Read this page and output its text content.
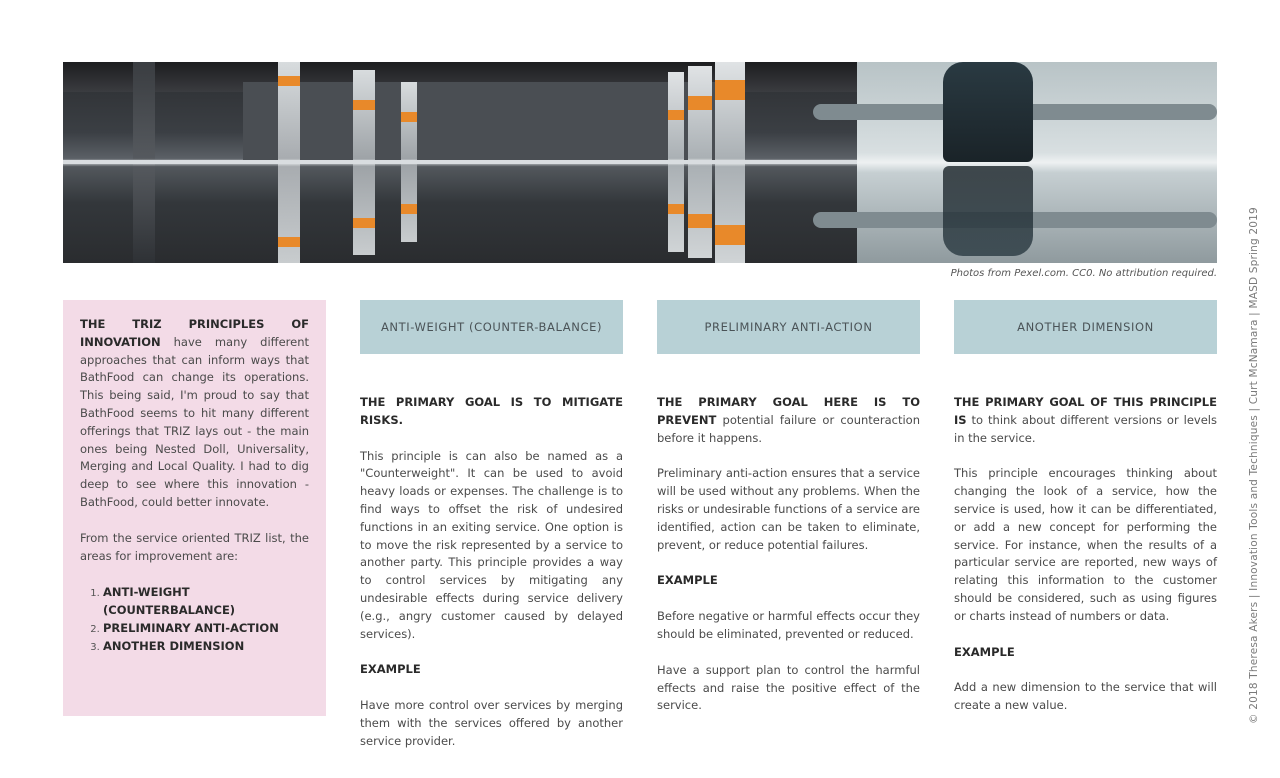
Photos from Pexel.com. CC0. No attribution required.	© 2018 Theresa Akers | Innovation Tools and Techniques | Curt McNamara | MASD Spring 2019

THE TRIZ PRINCIPLES OF INNOVATION have many different approaches that can inform ways that BathFood can change its operations. This being said, I'm proud to say that BathFood seems to hit many different offerings that TRIZ lays out - the main ones being Nested Doll, Universality, Merging and Local Quality. I had to dig deep to see where this innovation - BathFood, could better innovate.

From the service oriented TRIZ list, the areas for improvement are:

1. ANTI-WEIGHT (COUNTERBALANCE)
2. PRELIMINARY ANTI-ACTION
3. ANOTHER DIMENSION
ANTI-WEIGHT (COUNTER-BALANCE)

THE PRIMARY GOAL IS TO MITIGATE RISKS.

This principle is can also be named as a "Counterweight". It can be used to avoid heavy loads or expenses. The challenge is to find ways to offset the risk of undesired functions in an exiting service. One option is to move the risk represented by a service to another party. This principle provides a way to control services by mitigating any undesirable effects during service delivery (e.g., angry customer caused by delayed services).

EXAMPLE

Have more control over services by merging them with the services offered by another service provider.

PRELIMINARY ANTI-ACTION

THE PRIMARY GOAL HERE IS TO PREVENT potential failure or counteraction before it happens.

Preliminary anti-action ensures that a service will be used without any problems. When the risks or undesirable functions of a service are identified, action can be taken to eliminate, prevent, or reduce potential failures.

EXAMPLE

Before negative or harmful effects occur they should be eliminated, prevented or reduced.

Have a support plan to control the harmful effects and raise the positive effect of the service.

ANOTHER DIMENSION

THE PRIMARY GOAL OF THIS PRINCIPLE IS to think about different versions or levels in the service.

This principle encourages thinking about changing the look of a service, how the service is used, how it can be differentiated, or add a new concept for performing the service. For instance, when the results of a particular service are reported, new ways of relating this information to the customer should be considered, such as using figures or charts instead of numbers or data.

EXAMPLE

Add a new dimension to the service that will create a new value.
